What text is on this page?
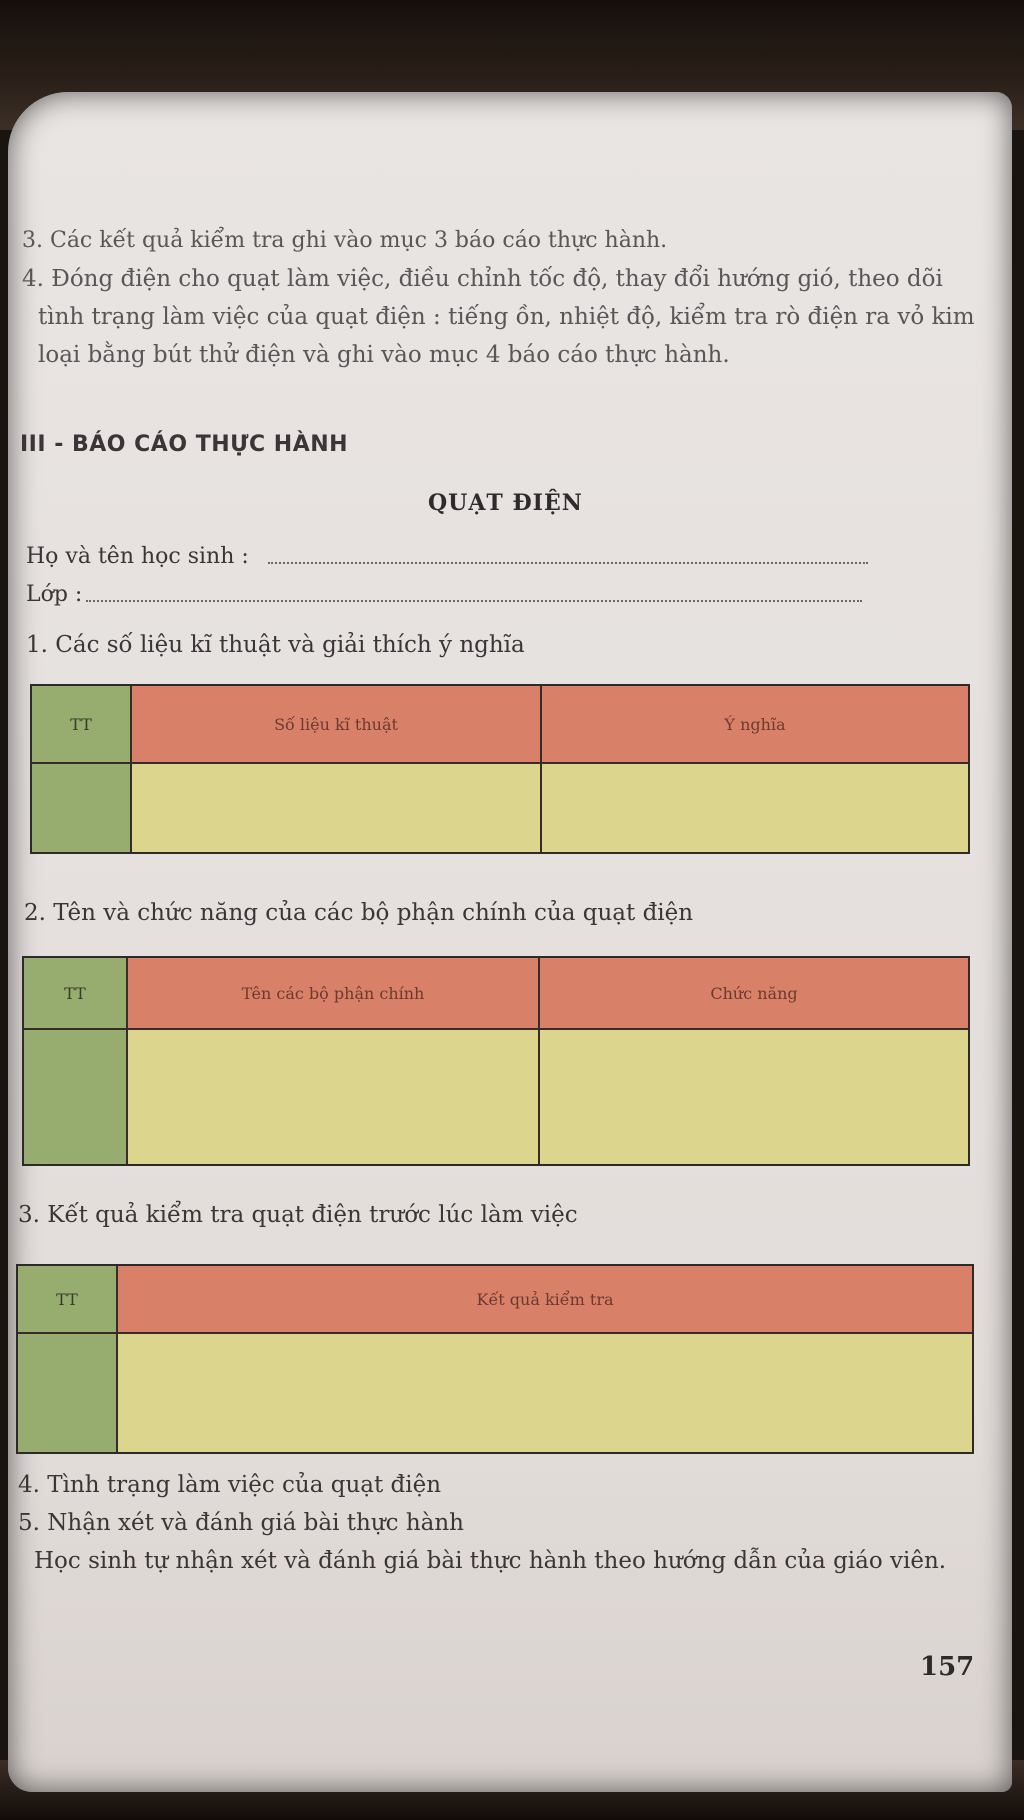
3. Các kết quả kiểm tra ghi vào mục 3 báo cáo thực hành.
4. Đóng điện cho quạt làm việc, điều chỉnh tốc độ, thay đổi hướng gió, theo dõi
tình trạng làm việc của quạt điện : tiếng ồn, nhiệt độ, kiểm tra rò điện ra vỏ kim
loại bằng bút thử điện và ghi vào mục 4 báo cáo thực hành.
III - BÁO CÁO THỰC HÀNH
QUẠT ĐIỆN
Họ và tên học sinh :
Lớp :
1. Các số liệu kĩ thuật và giải thích ý nghĩa
TT	Số liệu kĩ thuật	Ý nghĩa
2. Tên và chức năng của các bộ phận chính của quạt điện
TT	Tên các bộ phận chính	Chức năng
3. Kết quả kiểm tra quạt điện trước lúc làm việc
TT	Kết quả kiểm tra
4. Tình trạng làm việc của quạt điện
5. Nhận xét và đánh giá bài thực hành
Học sinh tự nhận xét và đánh giá bài thực hành theo hướng dẫn của giáo viên.
157
